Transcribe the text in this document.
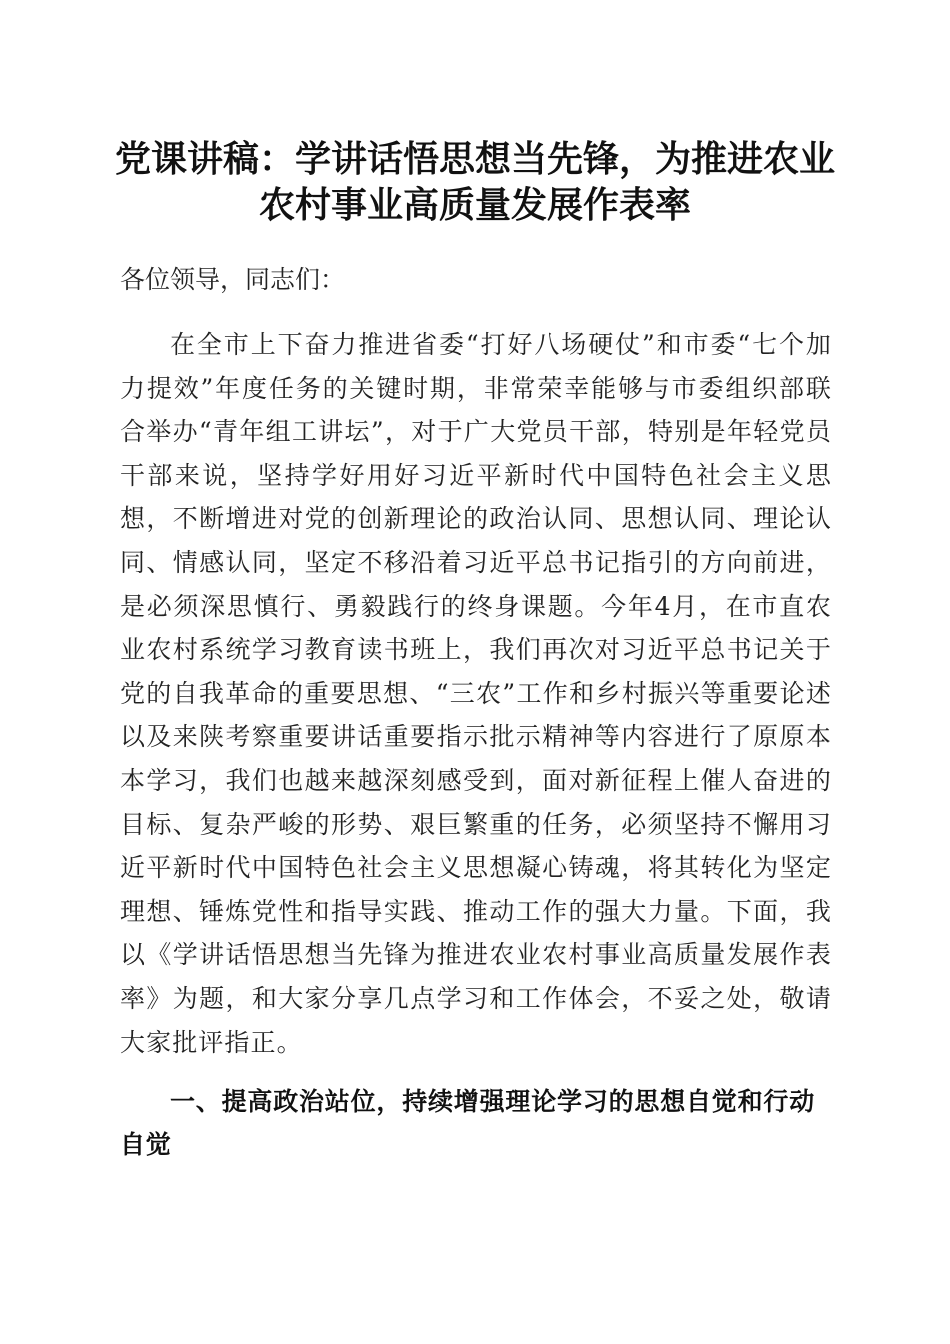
党课讲稿：学讲话悟思想当先锋，为推进农业
农村事业高质量发展作表率

各位领导，同志们：

在全市上下奋力推进省委“打好八场硬仗”和市委“七个加力提效”年度任务的关键时期，非常荣幸能够与市委组织部联合举办“青年组工讲坛”，对于广大党员干部，特别是年轻党员干部来说，坚持学好用好习近平新时代中国特色社会主义思想，不断增进对党的创新理论的政治认同、思想认同、理论认同、情感认同，坚定不移沿着习近平总书记指引的方向前进，是必须深思慎行、勇毅践行的终身课题。今年4月，在市直农业农村系统学习教育读书班上，我们再次对习近平总书记关于党的自我革命的重要思想、“三农”工作和乡村振兴等重要论述以及来陕考察重要讲话重要指示批示精神等内容进行了原原本本学习，我们也越来越深刻感受到，面对新征程上催人奋进的目标、复杂严峻的形势、艰巨繁重的任务，必须坚持不懈用习近平新时代中国特色社会主义思想凝心铸魂，将其转化为坚定理想、锤炼党性和指导实践、推动工作的强大力量。下面，我以《学讲话悟思想当先锋为推进农业农村事业高质量发展作表率》为题，和大家分享几点学习和工作体会，不妥之处，敬请大家批评指正。

一、提高政治站位，持续增强理论学习的思想自觉和行动自觉
